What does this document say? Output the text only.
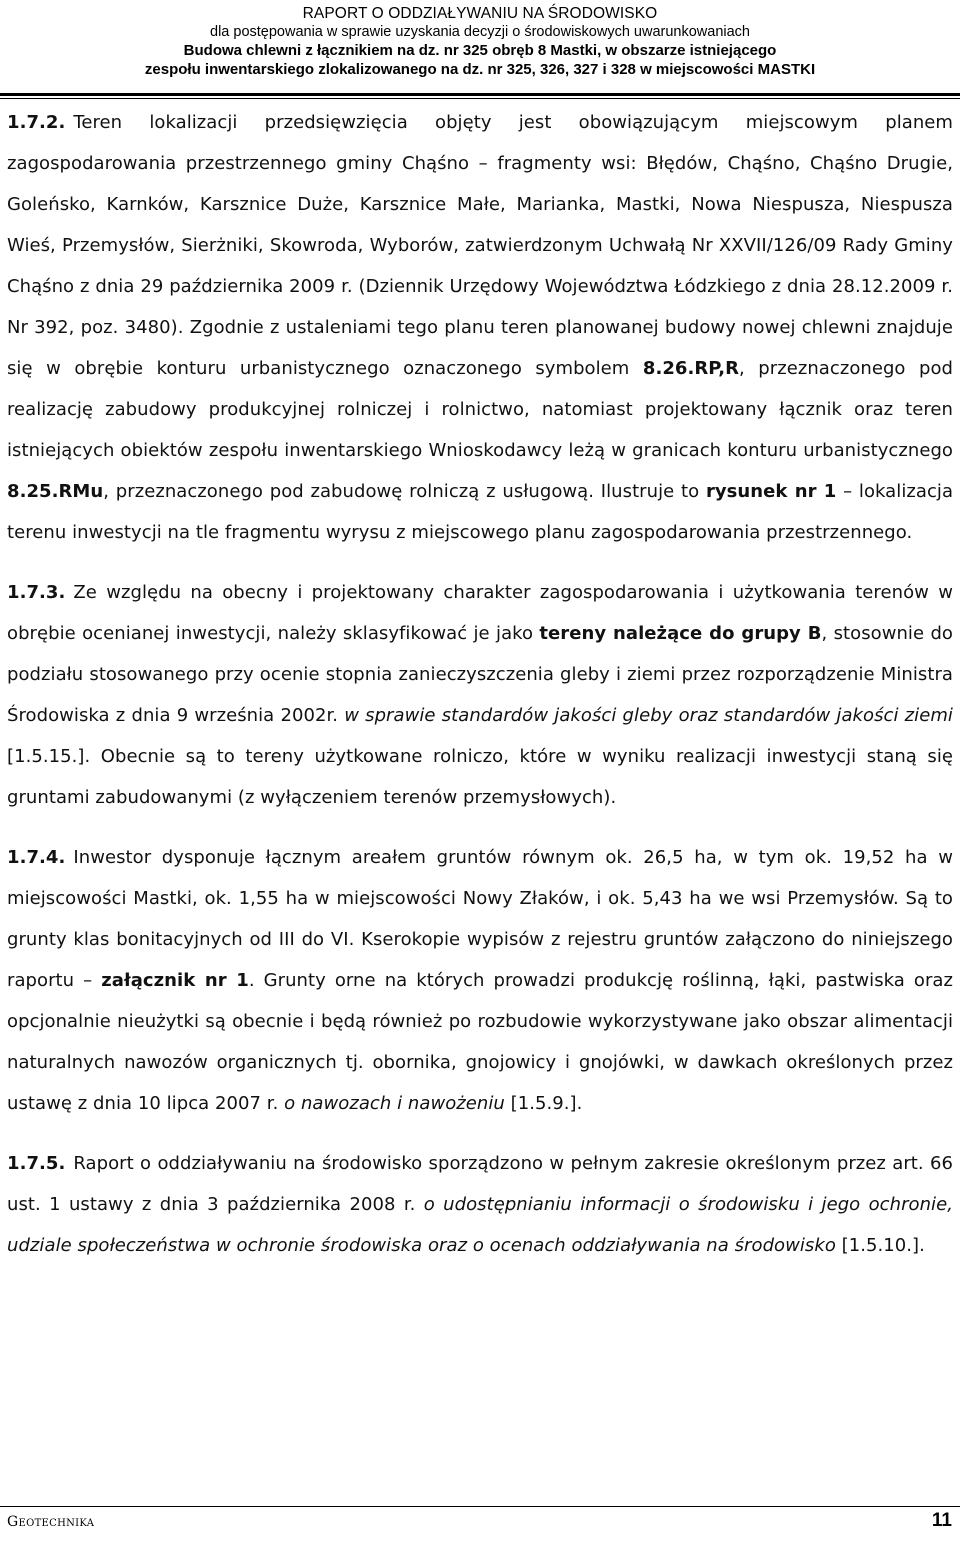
RAPORT O ODDZIAŁYWANIU NA ŚRODOWISKO
dla postępowania w sprawie uzyskania decyzji o środowiskowych uwarunkowaniach
Budowa chlewni z łącznikiem na dz. nr 325 obręb 8 Mastki, w obszarze istniejącego
zespołu inwentarskiego zlokalizowanego na dz. nr 325, 326, 327 i 328 w miejscowości MASTKI

1.7.2. Teren lokalizacji przedsięwzięcia objęty jest obowiązującym miejscowym planem zagospodarowania przestrzennego gminy Chąśno – fragmenty wsi: Błędów, Chąśno, Chąśno Drugie, Goleńsko, Karnków, Karsznice Duże, Karsznice Małe, Marianka, Mastki, Nowa Niespusza, Niespusza Wieś, Przemysłów, Sierżniki, Skowroda, Wyborów, zatwierdzonym Uchwałą Nr XXVII/126/09 Rady Gminy Chąśno z dnia 29 października 2009 r. (Dziennik Urzędowy Województwa Łódzkiego z dnia 28.12.2009 r. Nr 392, poz. 3480). Zgodnie z ustaleniami tego planu teren planowanej budowy nowej chlewni znajduje się w obrębie konturu urbanistycznego oznaczonego symbolem 8.26.RP,R, przeznaczonego pod realizację zabudowy produkcyjnej rolniczej i rolnictwo, natomiast projektowany łącznik oraz teren istniejących obiektów zespołu inwentarskiego Wnioskodawcy leżą w granicach konturu urbanistycznego 8.25.RMu, przeznaczonego pod zabudowę rolniczą z usługową. Ilustruje to rysunek nr 1 – lokalizacja terenu inwestycji na tle fragmentu wyrysu z miejscowego planu zagospodarowania przestrzennego.

1.7.3. Ze względu na obecny i projektowany charakter zagospodarowania i użytkowania terenów w obrębie ocenianej inwestycji, należy sklasyfikować je jako tereny należące do grupy B, stosownie do podziału stosowanego przy ocenie stopnia zanieczyszczenia gleby i ziemi przez rozporządzenie Ministra Środowiska z dnia 9 września 2002r. w sprawie standardów jakości gleby oraz standardów jakości ziemi [1.5.15.]. Obecnie są to tereny użytkowane rolniczo, które w wyniku realizacji inwestycji staną się gruntami zabudowanymi (z wyłączeniem terenów przemysłowych).

1.7.4. Inwestor dysponuje łącznym areałem gruntów równym ok. 26,5 ha, w tym ok. 19,52 ha w miejscowości Mastki, ok. 1,55 ha w miejscowości Nowy Złaków, i ok. 5,43 ha we wsi Przemysłów. Są to grunty klas bonitacyjnych od III do VI. Kserokopie wypisów z rejestru gruntów załączono do niniejszego raportu – załącznik nr 1. Grunty orne na których prowadzi produkcję roślinną, łąki, pastwiska oraz opcjonalnie nieużytki są obecnie i będą również po rozbudowie wykorzystywane jako obszar alimentacji naturalnych nawozów organicznych tj. obornika, gnojowicy i gnojówki, w dawkach określonych przez ustawę z dnia 10 lipca 2007 r. o nawozach i nawożeniu [1.5.9.].

1.7.5. Raport o oddziaływaniu na środowisko sporządzono w pełnym zakresie określonym przez art. 66 ust. 1 ustawy z dnia 3 października 2008 r. o udostępnianiu informacji o środowisku i jego ochronie, udziale społeczeństwa w ochronie środowiska oraz o ocenach oddziaływania na środowisko [1.5.10.].

Geotechnika	11
